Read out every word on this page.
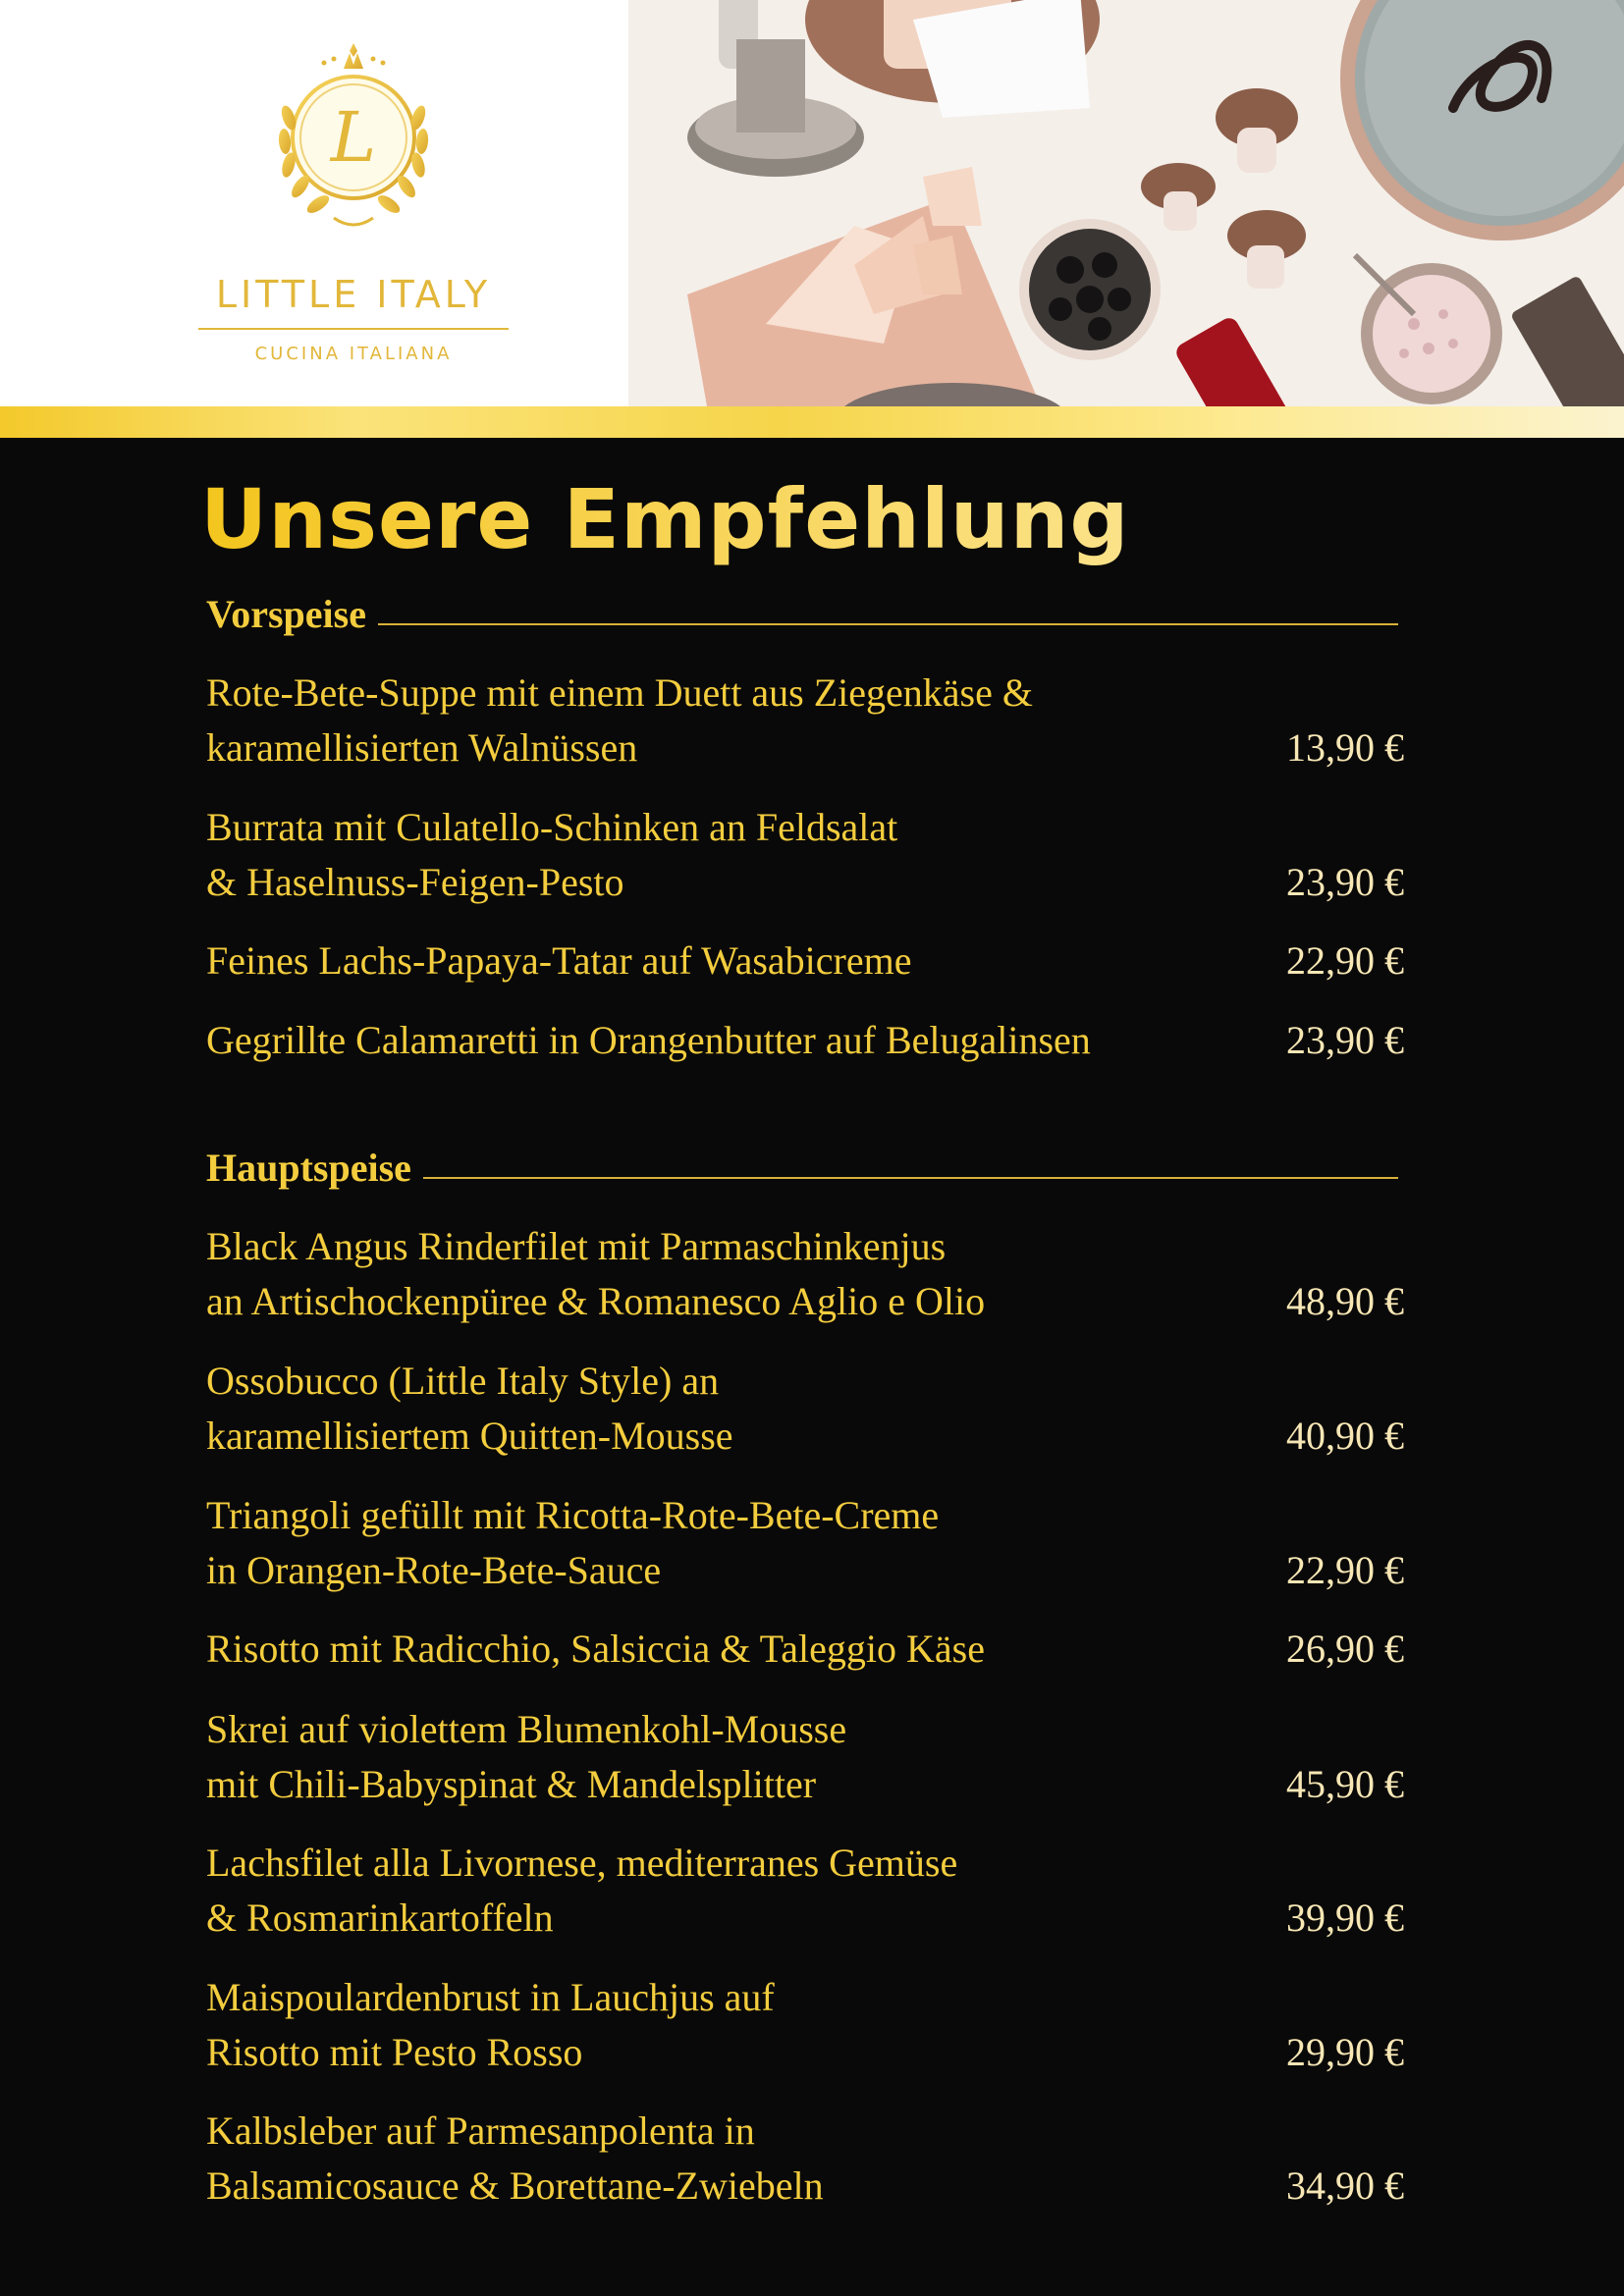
L
LITTLE ITALY
CUCINA ITALIANA
Unsere Empfehlung
Vorspeise
Rote-Bete-Suppe mit einem Duett aus Ziegenkäse &
karamellisierten Walnüssen	13,90 €
Burrata mit Culatello-Schinken an Feldsalat
& Haselnuss-Feigen-Pesto	23,90 €
Feines Lachs-Papaya-Tatar auf Wasabicreme	22,90 €
Gegrillte Calamaretti in Orangenbutter auf Belugalinsen	23,90 €
Hauptspeise
Black Angus Rinderfilet mit Parmaschinkenjus
an Artischockenpüree & Romanesco Aglio e Olio	48,90 €
Ossobucco (Little Italy Style) an
karamellisiertem Quitten-Mousse	40,90 €
Triangoli gefüllt mit Ricotta-Rote-Bete-Creme
in Orangen-Rote-Bete-Sauce	22,90 €
Risotto mit Radicchio, Salsiccia & Taleggio Käse	26,90 €
Skrei auf violettem Blumenkohl-Mousse
mit Chili-Babyspinat & Mandelsplitter	45,90 €
Lachsfilet alla Livornese, mediterranes Gemüse
& Rosmarinkartoffeln	39,90 €
Maispoulardenbrust in Lauchjus auf
Risotto mit Pesto Rosso	29,90 €
Kalbsleber auf Parmesanpolenta in
Balsamicosauce & Borettane-Zwiebeln	34,90 €
